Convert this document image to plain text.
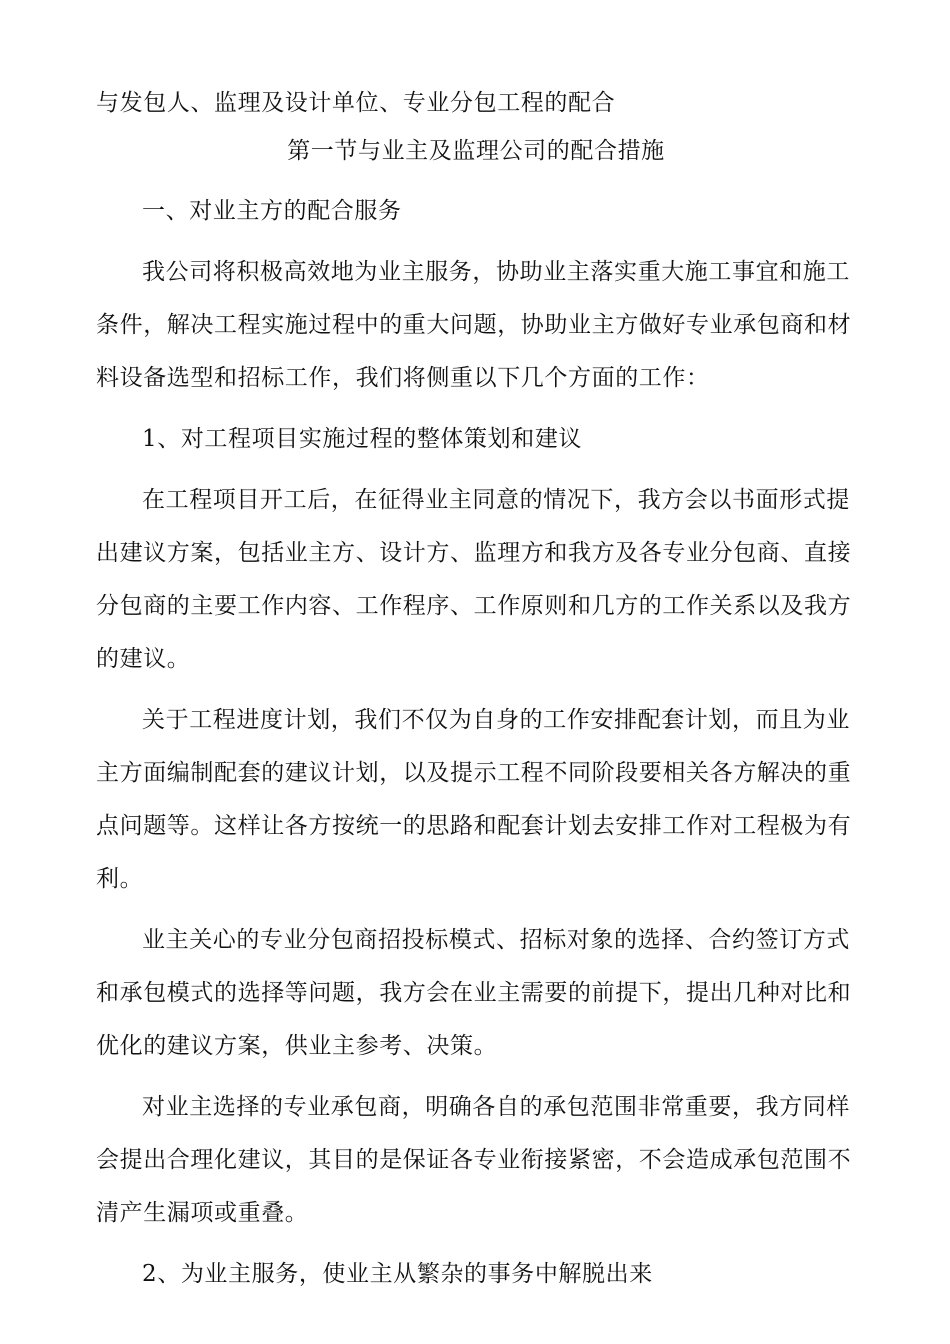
与发包人、监理及设计单位、专业分包工程的配合
第一节与业主及监理公司的配合措施

一、对业主方的配合服务

我公司将积极高效地为业主服务，协助业主落实重大施工事宜和施工条件，解决工程实施过程中的重大问题，协助业主方做好专业承包商和材料设备选型和招标工作，我们将侧重以下几个方面的工作：

1、对工程项目实施过程的整体策划和建议

在工程项目开工后，在征得业主同意的情况下，我方会以书面形式提出建议方案，包括业主方、设计方、监理方和我方及各专业分包商、直接分包商的主要工作内容、工作程序、工作原则和几方的工作关系以及我方的建议。

关于工程进度计划，我们不仅为自身的工作安排配套计划，而且为业主方面编制配套的建议计划，以及提示工程不同阶段要相关各方解决的重点问题等。这样让各方按统一的思路和配套计划去安排工作对工程极为有利。

业主关心的专业分包商招投标模式、招标对象的选择、合约签订方式和承包模式的选择等问题，我方会在业主需要的前提下，提出几种对比和优化的建议方案，供业主参考、决策。

对业主选择的专业承包商，明确各自的承包范围非常重要，我方同样会提出合理化建议，其目的是保证各专业衔接紧密，不会造成承包范围不清产生漏项或重叠。

2、为业主服务，使业主从繁杂的事务中解脱出来
